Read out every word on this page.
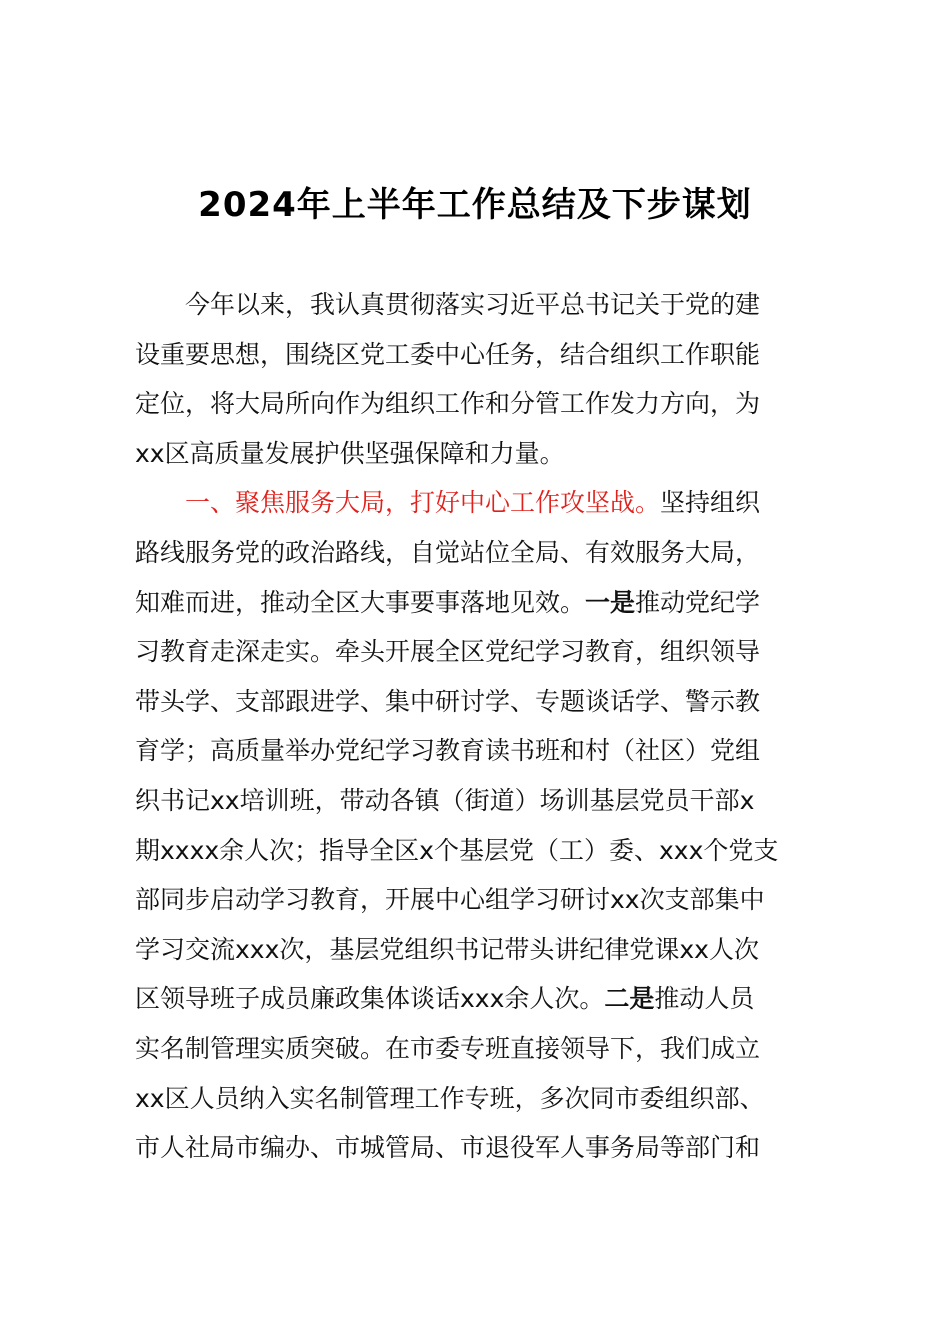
2024年上半年工作总结及下步谋划
今年以来，我认真贯彻落实习近平总书记关于党的建
设重要思想，围绕区党工委中心任务，结合组织工作职能
定位，将大局所向作为组织工作和分管工作发力方向，为
xx区高质量发展护供坚强保障和力量。
一、聚焦服务大局，打好中心工作攻坚战。坚持组织
路线服务党的政治路线，自觉站位全局、有效服务大局，
知难而进，推动全区大事要事落地见效。一是推动党纪学
习教育走深走实。牵头开展全区党纪学习教育，组织领导
带头学、支部跟进学、集中研讨学、专题谈话学、警示教
育学；高质量举办党纪学习教育读书班和村（社区）党组
织书记xx培训班，带动各镇（街道）场训基层党员干部x
期xxxx余人次；指导全区x个基层党（工）委、xxx个党支
部同步启动学习教育，开展中心组学习研讨xx次支部集中
学习交流xxx次，基层党组织书记带头讲纪律党课xx人次
区领导班子成员廉政集体谈话xxx余人次。二是推动人员
实名制管理实质突破。在市委专班直接领导下，我们成立
xx区人员纳入实名制管理工作专班，多次同市委组织部、
市人社局市编办、市城管局、市退役军人事务局等部门和
